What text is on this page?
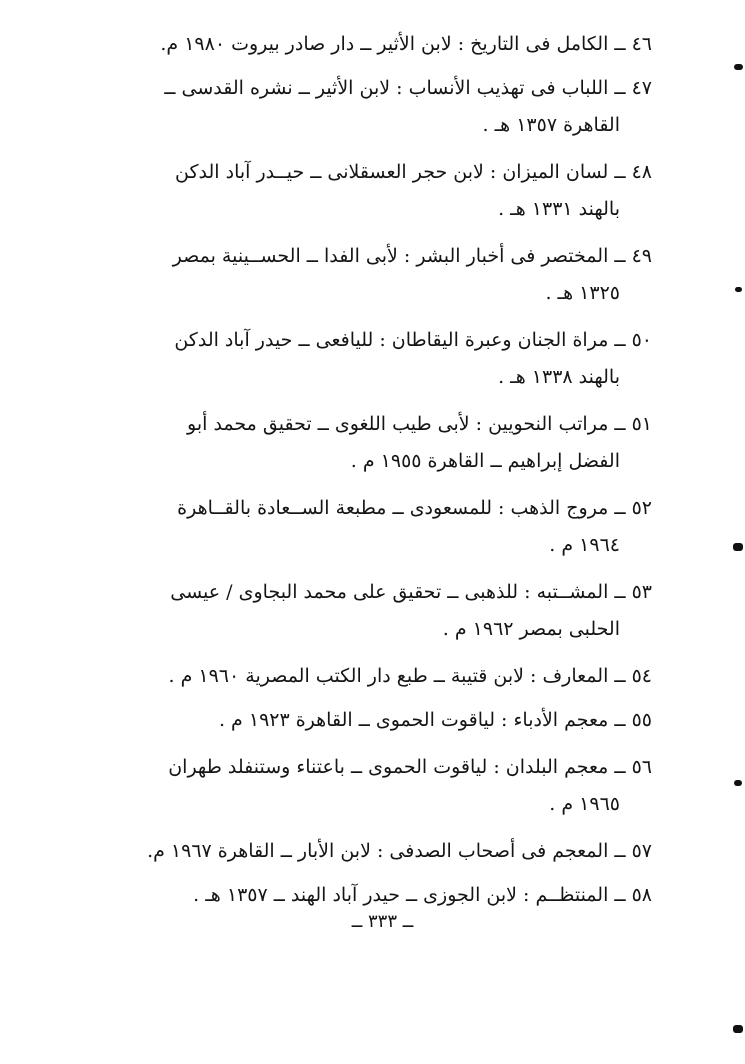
٤٦ ــ الكامل فى التاريخ : لابن الأثير ــ دار صادر بيروت ١٩٨٠ م.

٤٧ ــ اللباب فى تهذيب الأنساب : لابن الأثير ــ نشره القدسى ــ
القاهرة ١٣٥٧ هـ .

٤٨ ــ لسان الميزان : لابن حجر العسقلانى ــ حيــدر آباد الدكن
بالهند ١٣٣١ هـ .

٤٩ ــ المختصر فى أخبار البشر : لأبى الفدا ــ الحســينية بمصر
١٣٢٥ هـ .

٥٠ ــ مراة الجنان وعبرة اليقاطان : لليافعى ــ حيدر آباد الدكن
بالهند ١٣٣٨ هـ .

٥١ ــ مراتب النحويين : لأبى طيب اللغوى ــ تحقيق محمد أبو
الفضل إبراهيم ــ القاهرة ١٩٥٥ م .

٥٢ ــ مروج الذهب : للمسعودى ــ مطبعة الســعادة بالقــاهرة
١٩٦٤ م .

٥٣ ــ المشــتبه : للذهبى ــ تحقيق على محمد البجاوى / عيسى
الحلبى بمصر ١٩٦٢ م .

٥٤ ــ المعارف : لابن قتيبة ــ طبع دار الكتب المصرية ١٩٦٠ م .

٥٥ ــ معجم الأدباء : لياقوت الحموى ــ القاهرة ١٩٢٣ م .

٥٦ ــ معجم البلدان : لياقوت الحموى ــ باعتناء وستنفلد طهران
١٩٦٥ م .

٥٧ ــ المعجم فى أصحاب الصدفى : لابن الأبار ــ القاهرة ١٩٦٧ م.

٥٨ ــ المنتظــم : لابن الجوزى ــ حيدر آباد الهند ــ ١٣٥٧ هـ .

ــ ٣٣٣ ــ
